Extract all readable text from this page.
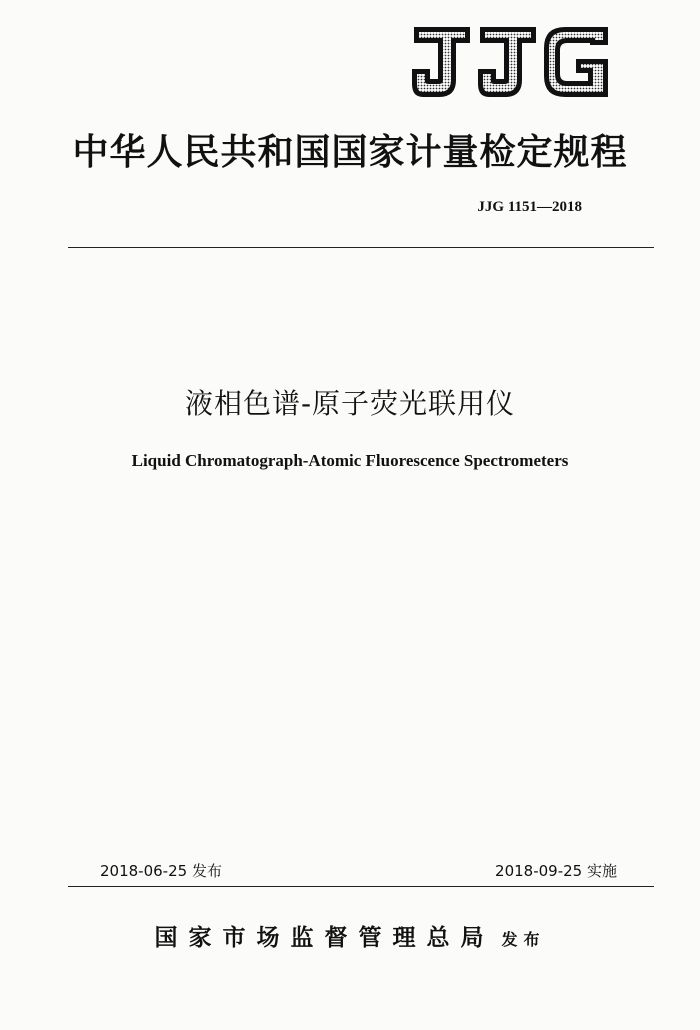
中华人民共和国国家计量检定规程
JJG 1151—2018
液相色谱-原子荧光联用仪
Liquid Chromatograph-Atomic Fluorescence Spectrometers
2018-06-25 发布	2018-09-25 实施
国家市场监督管理总局 发布
